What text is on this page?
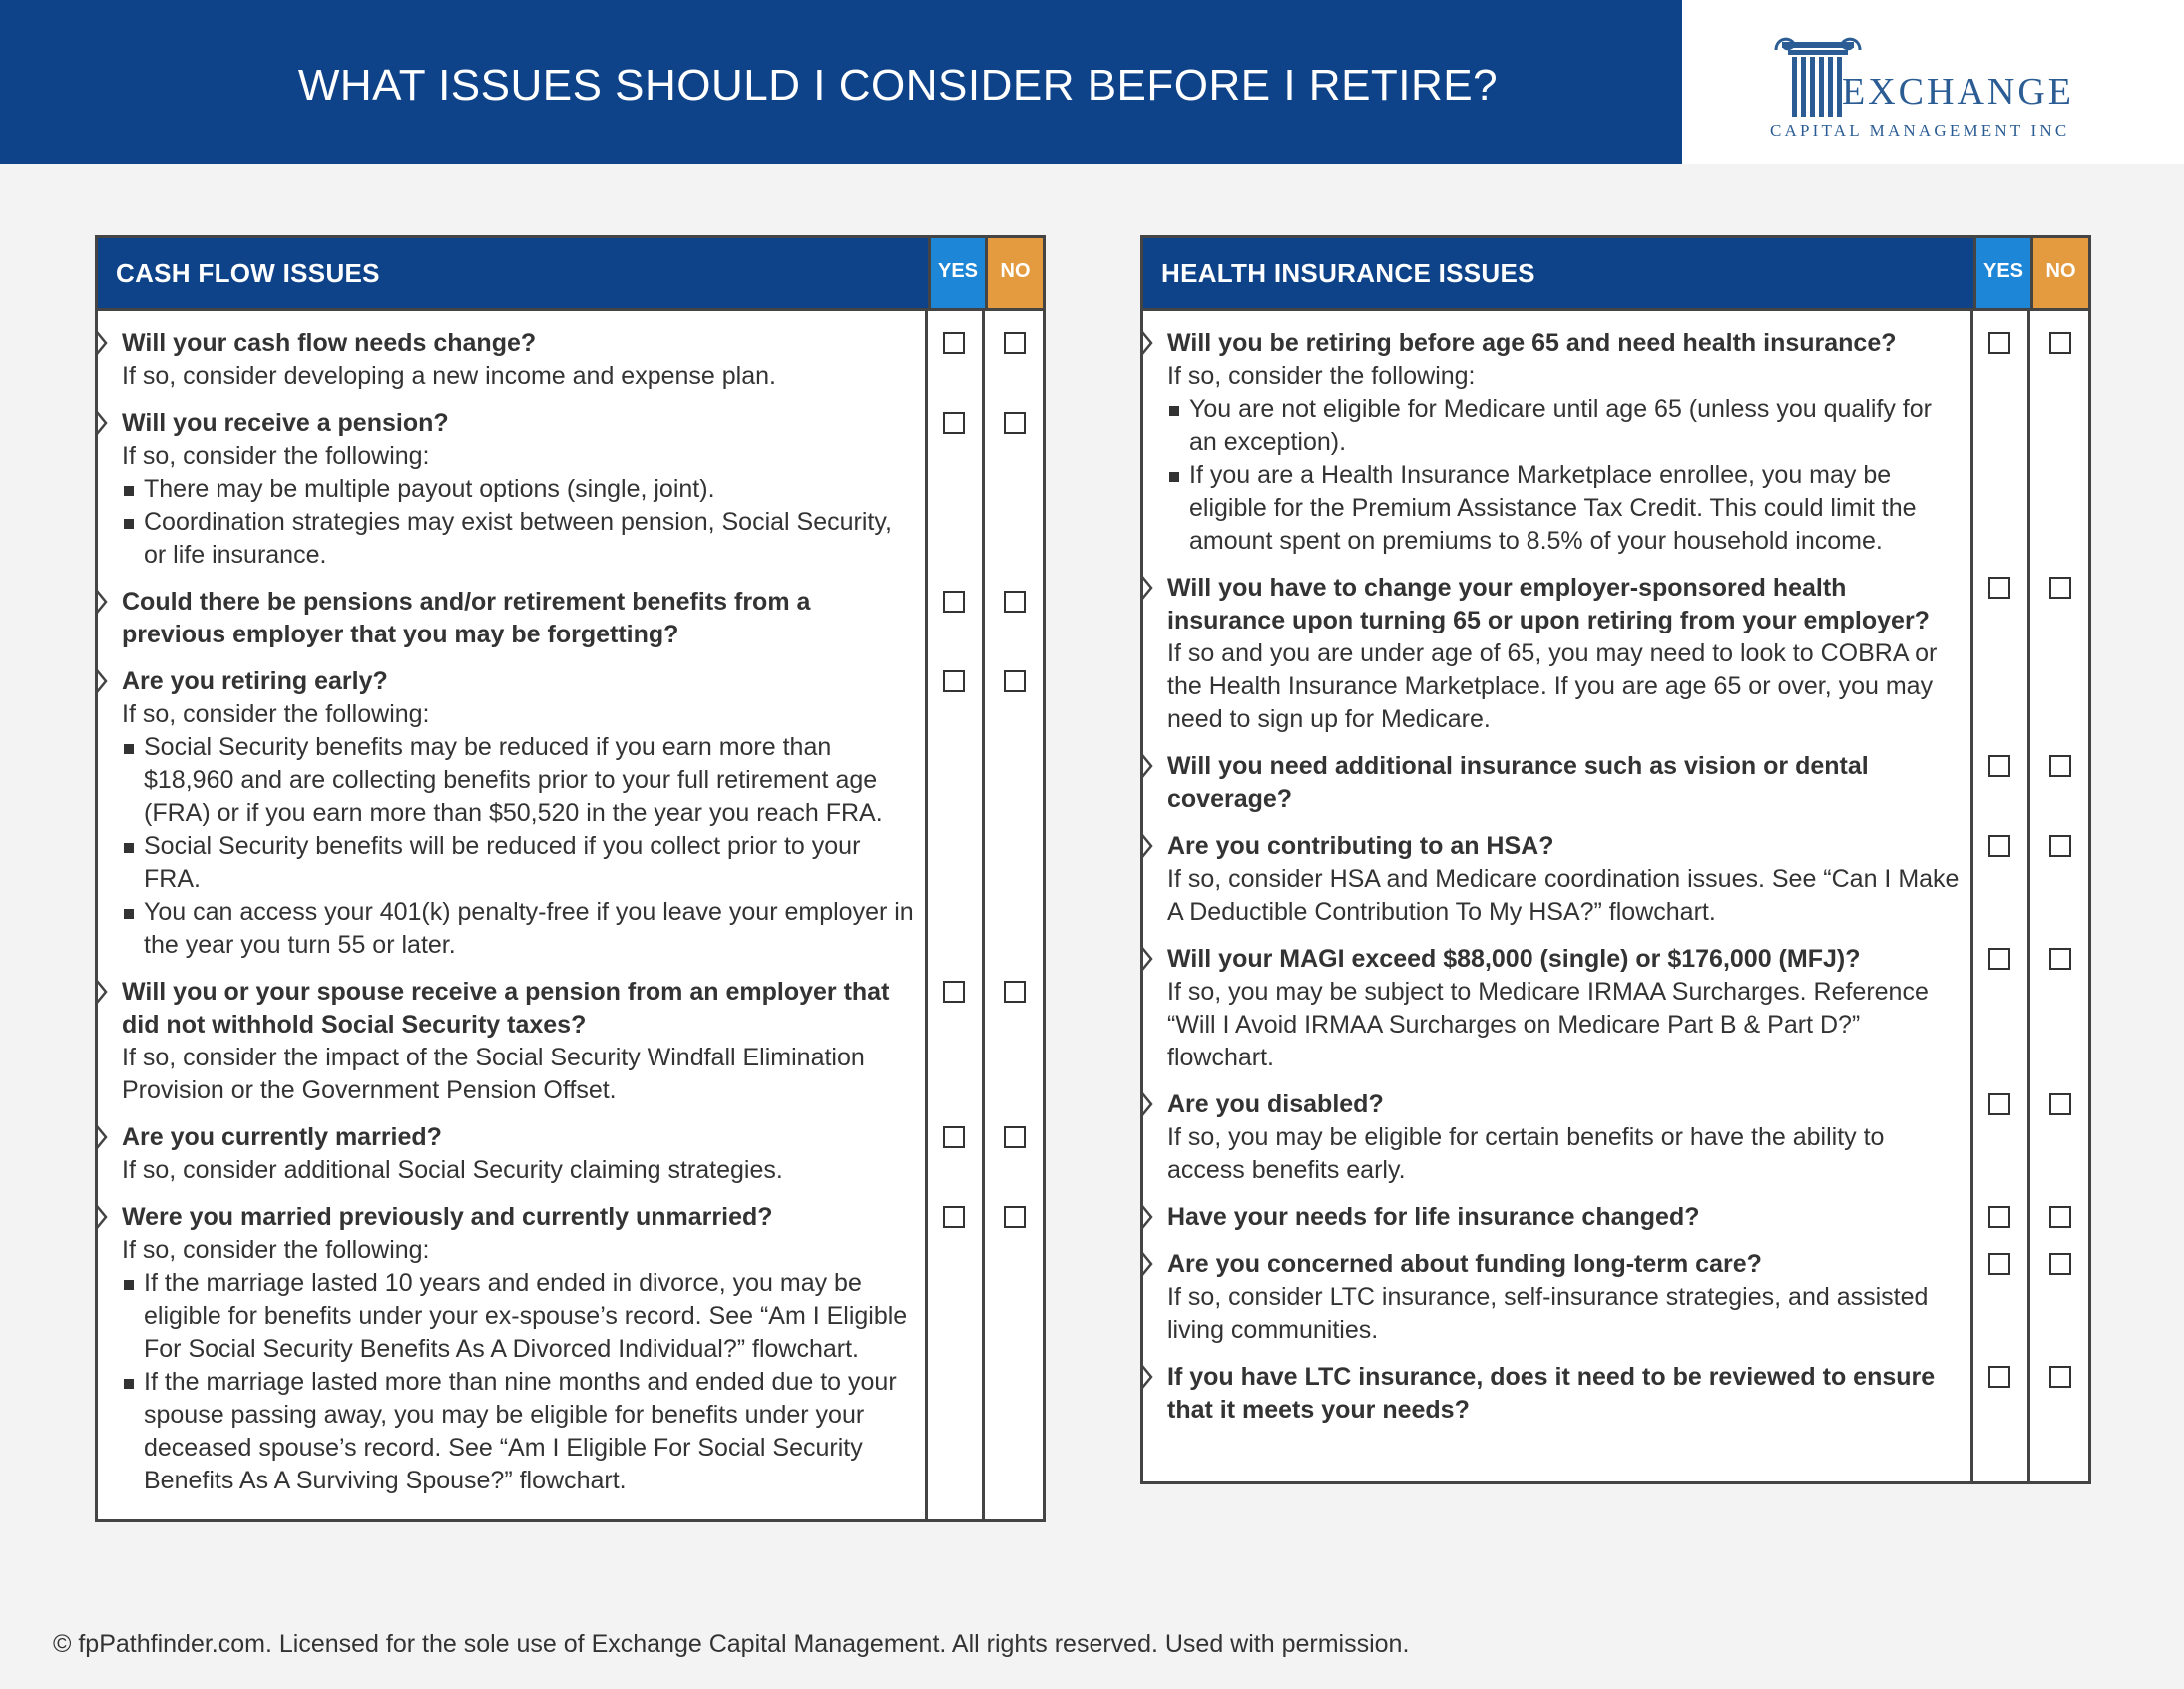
WHAT ISSUES SHOULD I CONSIDER BEFORE I RETIRE?	EXCHANGE
CAPITAL MANAGEMENT INC
CASH FLOW ISSUES	YES	NO
Will your cash flow needs change?
If so, consider developing a new income and expense plan.
Will you receive a pension?
If so, consider the following:
There may be multiple payout options (single, joint).
Coordination strategies may exist between pension, Social Security, or life insurance.
Could there be pensions and/or retirement benefits from a previous employer that you may be forgetting?
Are you retiring early?
If so, consider the following:
Social Security benefits may be reduced if you earn more than $18,960 and are collecting benefits prior to your full retirement age (FRA) or if you earn more than $50,520 in the year you reach FRA.
Social Security benefits will be reduced if you collect prior to your FRA.
You can access your 401(k) penalty-free if you leave your employer in the year you turn 55 or later.
Will you or your spouse receive a pension from an employer that did not withhold Social Security taxes?
If so, consider the impact of the Social Security Windfall Elimination Provision or the Government Pension Offset.
Are you currently married?
If so, consider additional Social Security claiming strategies.
Were you married previously and currently unmarried?
If so, consider the following:
If the marriage lasted 10 years and ended in divorce, you may be eligible for benefits under your ex-spouse’s record. See “Am I Eligible For Social Security Benefits As A Divorced Individual?” flowchart.
If the marriage lasted more than nine months and ended due to your spouse passing away, you may be eligible for benefits under your deceased spouse’s record. See “Am I Eligible For Social Security Benefits As A Surviving Spouse?” flowchart.
HEALTH INSURANCE ISSUES	YES	NO
Will you be retiring before age 65 and need health insurance?
If so, consider the following:
You are not eligible for Medicare until age 65 (unless you qualify for an exception).
If you are a Health Insurance Marketplace enrollee, you may be eligible for the Premium Assistance Tax Credit. This could limit the amount spent on premiums to 8.5% of your household income.
Will you have to change your employer-sponsored health insurance upon turning 65 or upon retiring from your employer?
If so and you are under age of 65, you may need to look to COBRA or the Health Insurance Marketplace. If you are age 65 or over, you may need to sign up for Medicare.
Will you need additional insurance such as vision or dental coverage?
Are you contributing to an HSA?
If so, consider HSA and Medicare coordination issues. See “Can I Make A Deductible Contribution To My HSA?” flowchart.
Will your MAGI exceed $88,000 (single) or $176,000 (MFJ)?
If so, you may be subject to Medicare IRMAA Surcharges. Reference “Will I Avoid IRMAA Surcharges on Medicare Part B & Part D?” flowchart.
Are you disabled?
If so, you may be eligible for certain benefits or have the ability to access benefits early.
Have your needs for life insurance changed?
Are you concerned about funding long-term care?
If so, consider LTC insurance, self-insurance strategies, and assisted living communities.
If you have LTC insurance, does it need to be reviewed to ensure that it meets your needs?
© fpPathfinder.com. Licensed for the sole use of Exchange Capital Management. All rights reserved. Used with permission.
